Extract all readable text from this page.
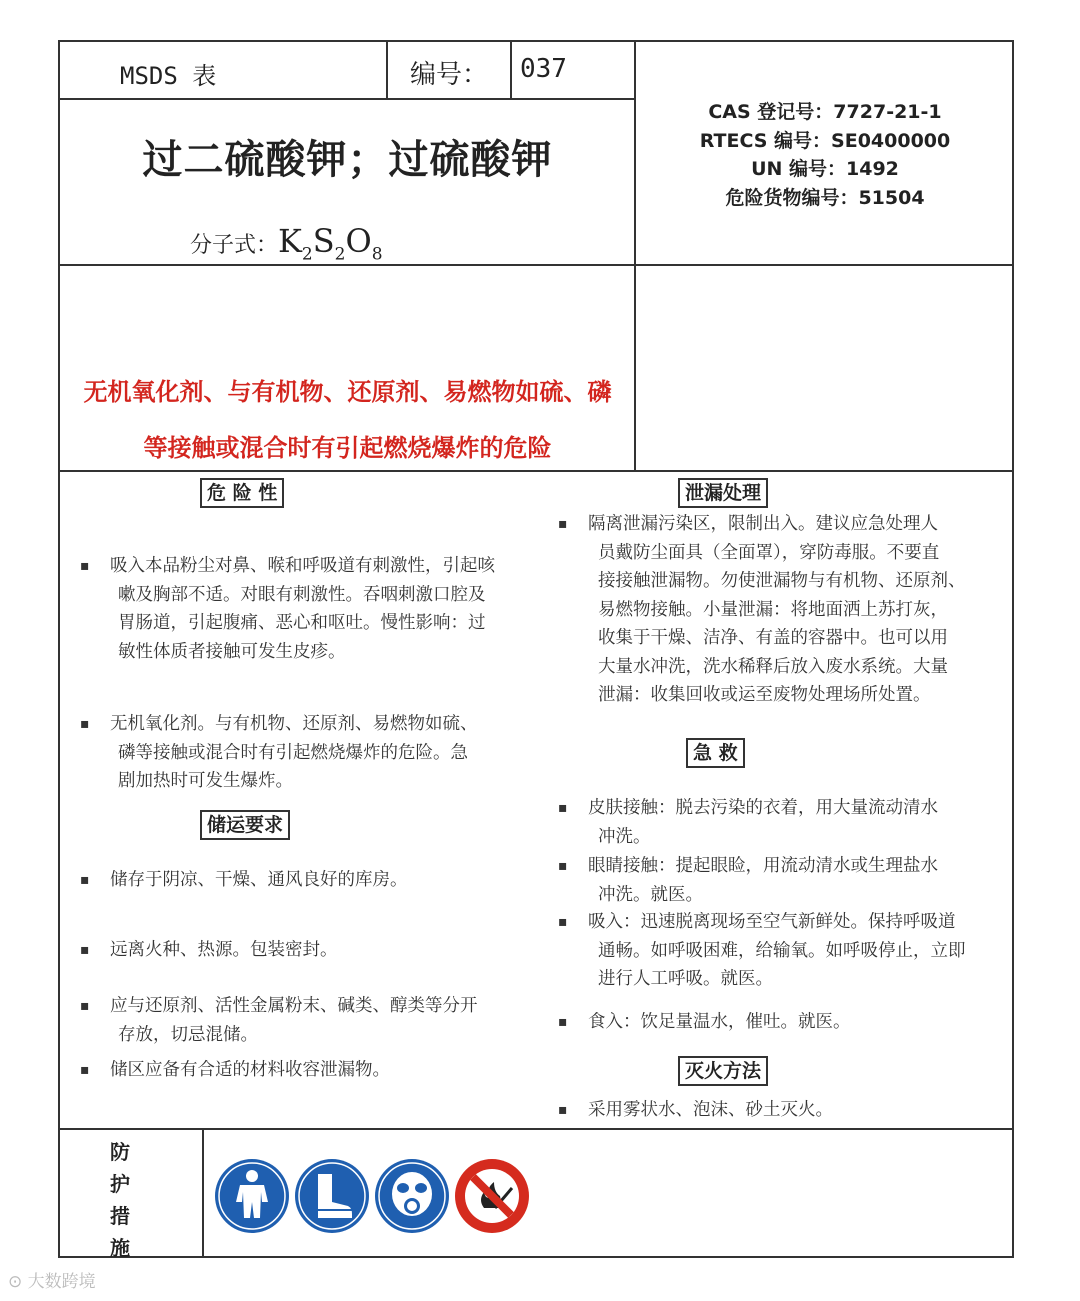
MSDS 表	编号： 037
过二硫酸钾；过硫酸钾
分子式：$K_2S_2O_8$
CAS 登记号：7727-21-1
RTECS 编号：SE0400000
UN 编号：1492
危险货物编号：51504
无机氧化剂、与有机物、还原剂、易燃物如硫、磷
等接触或混合时有引起燃烧爆炸的危险
危 险 性
▪ 吸入本品粉尘对鼻、喉和呼吸道有刺激性，引起咳
嗽及胸部不适。对眼有刺激性。吞咽刺激口腔及
胃肠道，引起腹痛、恶心和呕吐。慢性影响：过
敏性体质者接触可发生皮疹。
▪ 无机氧化剂。与有机物、还原剂、易燃物如硫、
磷等接触或混合时有引起燃烧爆炸的危险。急
剧加热时可发生爆炸。
储运要求
▪ 储存于阴凉、干燥、通风良好的库房。
▪ 远离火种、热源。包装密封。
▪ 应与还原剂、活性金属粉末、碱类、醇类等分开
存放，切忌混储。
▪ 储区应备有合适的材料收容泄漏物。
泄漏处理
▪ 隔离泄漏污染区，限制出入。建议应急处理人
员戴防尘面具（全面罩），穿防毒服。不要直
接接触泄漏物。勿使泄漏物与有机物、还原剂、
易燃物接触。小量泄漏：将地面洒上苏打灰，
收集于干燥、洁净、有盖的容器中。也可以用
大量水冲洗，洗水稀释后放入废水系统。大量
泄漏：收集回收或运至废物处理场所处置。
急 救
▪ 皮肤接触：脱去污染的衣着，用大量流动清水
冲洗。
▪ 眼睛接触：提起眼睑，用流动清水或生理盐水
冲洗。就医。
▪ 吸入：迅速脱离现场至空气新鲜处。保持呼吸道
通畅。如呼吸困难，给输氧。如呼吸停止，立即
进行人工呼吸。就医。
▪ 食入：饮足量温水，催吐。就医。
灭火方法
▪ 采用雾状水、泡沫、砂土灭火。
防
护
措
施
⊙ 大数跨境
